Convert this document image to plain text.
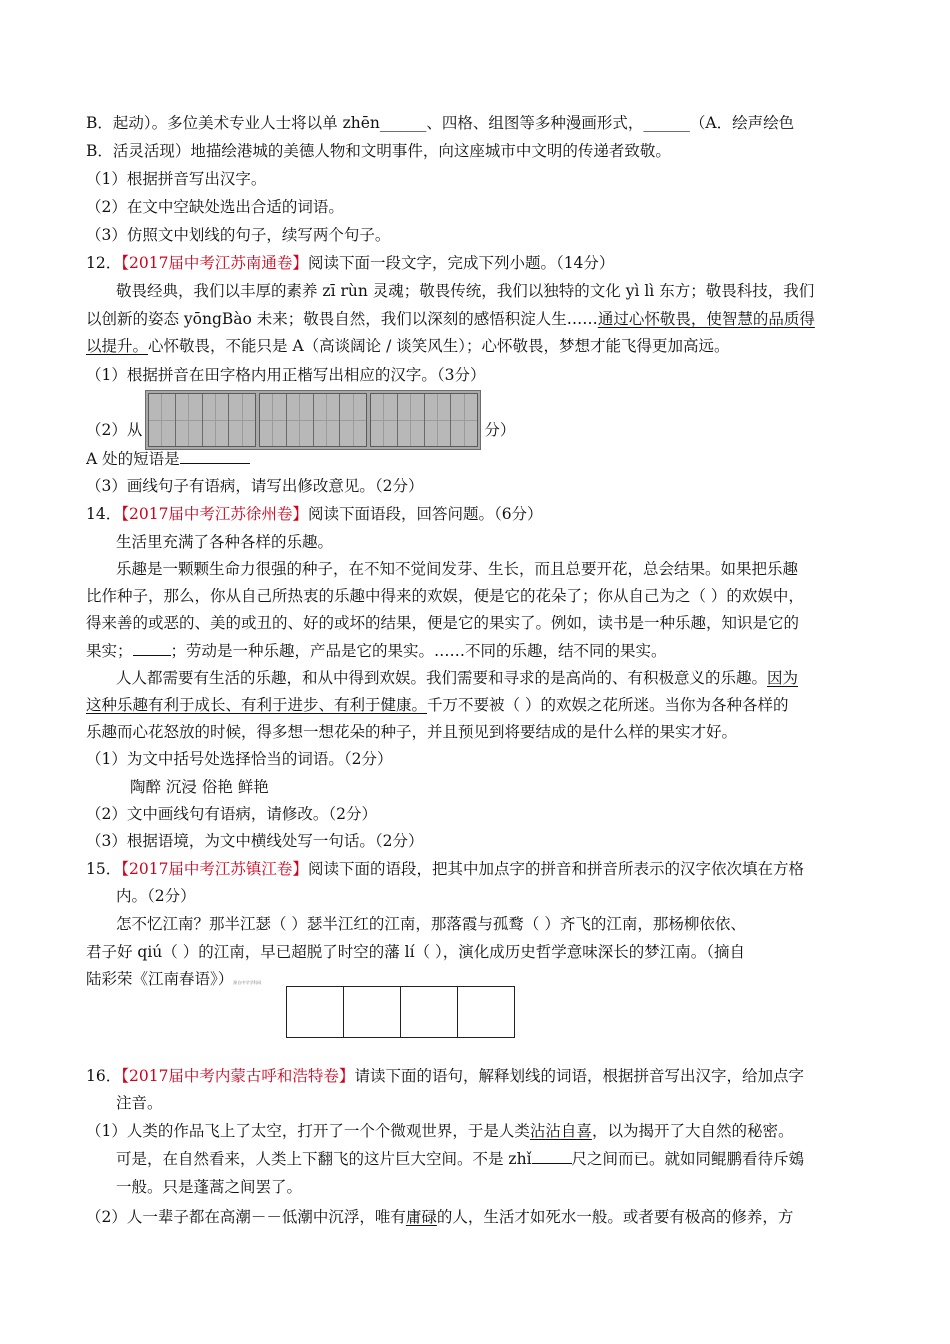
B．起动）。多位美术专业人士将以单 zhēn______、四格、组图等多种漫画形式，______（A．绘声绘色
B．活灵活现）地描绘港城的美德人物和文明事件，向这座城市中文明的传递者致敬。
（1）根据拼音写出汉字。
（2）在文中空缺处选出合适的词语。
（3）仿照文中划线的句子，续写两个句子。
12．【2017届中考江苏南通卷】阅读下面一段文字，完成下列小题。（14分）
敬畏经典，我们以丰厚的素养 zī rùn 灵魂；敬畏传统，我们以独特的文化 yì lì 东方；敬畏科技，我们
以创新的姿态 yōngBào 未来；敬畏自然，我们以深刻的感悟积淀人生……通过心怀敬畏，使智慧的品质得
以提升。心怀敬畏，不能只是 A（高谈阔论 / 谈笑风生）；心怀敬畏，梦想才能飞得更加高远。
（1）根据拼音在田字格内用正楷写出相应的汉字。（3分）
（2）从	分）
A 处的短语是
（3）画线句子有语病，请写出修改意见。（2分）
14．【2017届中考江苏徐州卷】阅读下面语段，回答问题。（6分）
生活里充满了各种各样的乐趣。
乐趣是一颗颗生命力很强的种子，在不知不觉间发芽、生长，而且总要开花，总会结果。如果把乐趣
比作种子，那么，你从自己所热衷的乐趣中得来的欢娱，便是它的花朵了；你从自己为之（ ）的欢娱中，
得来善的或恶的、美的或丑的、好的或坏的结果，便是它的果实了。例如，读书是一种乐趣，知识是它的
果实； ；劳动是一种乐趣，产品是它的果实。……不同的乐趣，结不同的果实。
人人都需要有生活的乐趣，和从中得到欢娱。我们需要和寻求的是高尚的、有积极意义的乐趣。因为
这种乐趣有利于成长、有利于进步、有利于健康。千万不要被（ ）的欢娱之花所迷。当你为各种各样的
乐趣而心花怒放的时候，得多想一想花朵的种子，并且预见到将要结成的是什么样的果实才好。
（1）为文中括号处选择恰当的词语。（2分）
陶醉 沉浸 俗艳 鲜艳
（2）文中画线句有语病，请修改。（2分）
（3）根据语境，为文中横线处写一句话。（2分）
15．【2017届中考江苏镇江卷】阅读下面的语段，把其中加点字的拼音和拼音所表示的汉字依次填在方格
内。（2分）
怎不忆江南？那半江瑟（ ）瑟半江红的江南，那落霞与孤鹜（ ）齐飞的江南，那杨柳依依、
君子好 qiú（ ）的江南，早已超脱了时空的藩 lí（ ），演化成历史哲学意味深长的梦江南。（摘自
陆彩荣《江南春语》）源自中学学科网
16．【2017届中考内蒙古呼和浩特卷】请读下面的语句，解释划线的词语，根据拼音写出汉字，给加点字
注音。
（1）人类的作品飞上了太空，打开了一个个微观世界，于是人类沾沾自喜，以为揭开了大自然的秘密。
可是，在自然看来，人类上下翻飞的这片巨大空间。不是 zhǐ	尺之间而已。就如同鲲鹏看待斥鴳
一般。只是蓬蒿之间罢了。
（2）人一辈子都在高潮－－低潮中沉浮，唯有庸碌的人，生活才如死水一般。或者要有极高的修养，方
